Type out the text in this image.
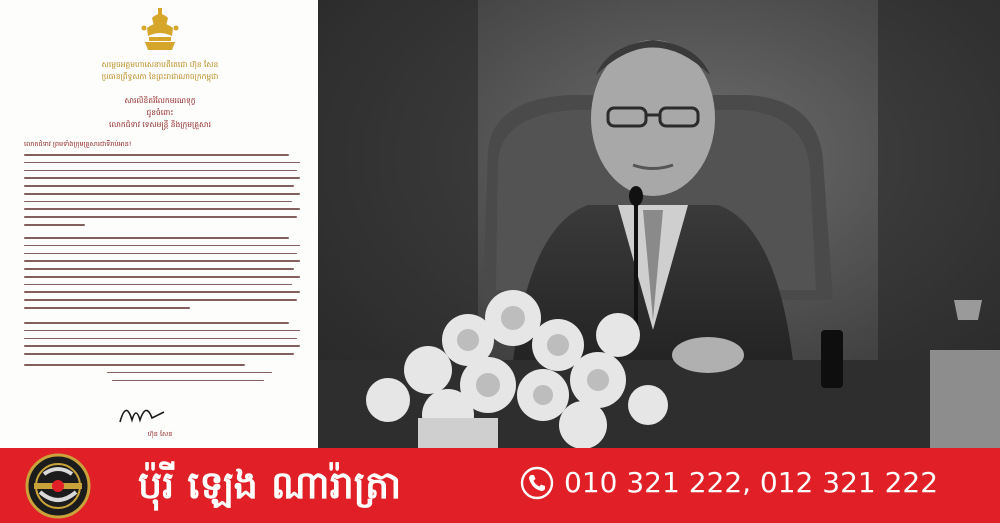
សម្តេចអគ្គមហាសេនាបតីតេជោ ហ៊ុន សែន
ប្រធានព្រឹទ្ធសភា នៃព្រះរាជាណាចក្រកម្ពុជា
សារលិខិតរំលែកមរណទុក្ខ
ជូនចំពោះ
លោកជំទាវ ទេសមន្ត្រី និងក្រុមគ្រួសារ
លោកជំទាវ ព្រមទាំងក្រុមគ្រួសារជាទីរាប់អាន!
ហ៊ុន សែន
ប៉ុរី ឡេង ណារ៉ាត្រា	010 321 222, 012 321 222
